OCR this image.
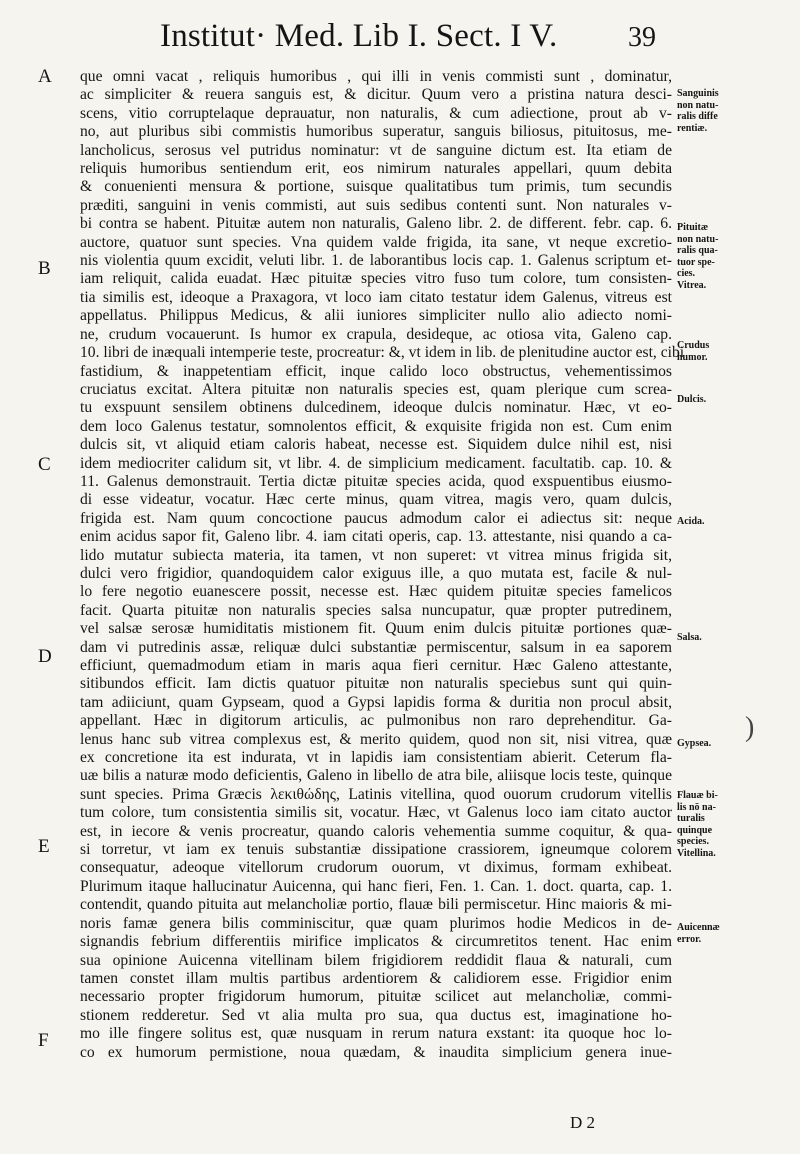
Institut· Med. Lib I. Sect. I V.	39
que omni vacat , reliquis humoribus , qui illi in venis commisti sunt , dominatur,
ac simpliciter & reuera sanguis est, & dicitur. Quum vero a pristina natura desci-
scens, vitio corruptelaque deprauatur, non naturalis, & cum adiectione, prout ab v-
no, aut pluribus sibi commistis humoribus superatur, sanguis biliosus, pituitosus, me-
lancholicus, serosus vel putridus nominatur: vt de sanguine dictum est. Ita etiam de
reliquis humoribus sentiendum erit, eos nimirum naturales appellari, quum debita
& conuenienti mensura & portione, suisque qualitatibus tum primis, tum secundis
præditi, sanguini in venis commisti, aut suis sedibus contenti sunt. Non naturales v-
bi contra se habent. Pituitæ autem non naturalis, Galeno libr. 2. de different. febr. cap. 6.
auctore, quatuor sunt species. Vna quidem valde frigida, ita sane, vt neque excretio-
nis violentia quum excidit, veluti libr. 1. de laborantibus locis cap. 1. Galenus scriptum et-
iam reliquit, calida euadat. Hæc pituitæ species vitro fuso tum colore, tum consisten-
tia similis est, ideoque a Praxagora, vt loco iam citato testatur idem Galenus, vitreus est
appellatus. Philippus Medicus, & alii iuniores simpliciter nullo alio adiecto nomi-
ne, crudum vocauerunt. Is humor ex crapula, desideque, ac otiosa vita, Galeno cap.
10. libri de inæquali intemperie teste, procreatur: &, vt idem in lib. de plenitudine auctor est, cibi
fastidium, & inappetentiam efficit, inque calido loco obstructus, vehementissimos
cruciatus excitat. Altera pituitæ non naturalis species est, quam plerique cum screa-
tu exspuunt sensilem obtinens dulcedinem, ideoque dulcis nominatur. Hæc, vt eo-
dem loco Galenus testatur, somnolentos efficit, & exquisite frigida non est. Cum enim
dulcis sit, vt aliquid etiam caloris habeat, necesse est. Siquidem dulce nihil est, nisi
idem mediocriter calidum sit, vt libr. 4. de simplicium medicament. facultatib. cap. 10. &
11. Galenus demonstrauit. Tertia dictæ pituitæ species acida, quod exspuentibus eiusmo-
di esse videatur, vocatur. Hæc certe minus, quam vitrea, magis vero, quam dulcis,
frigida est. Nam quum concoctione paucus admodum calor ei adiectus sit: neque
enim acidus sapor fit, Galeno libr. 4. iam citati operis, cap. 13. attestante, nisi quando a ca-
lido mutatur subiecta materia, ita tamen, vt non superet: vt vitrea minus frigida sit,
dulci vero frigidior, quandoquidem calor exiguus ille, a quo mutata est, facile & nul-
lo fere negotio euanescere possit, necesse est. Hæc quidem pituitæ species famelicos
facit. Quarta pituitæ non naturalis species salsa nuncupatur, quæ propter putredinem,
vel salsæ serosæ humiditatis mistionem fit. Quum enim dulcis pituitæ portiones quæ-
dam vi putredinis assæ, reliquæ dulci substantiæ permiscentur, salsum in ea saporem
efficiunt, quemadmodum etiam in maris aqua fieri cernitur. Hæc Galeno attestante,
sitibundos efficit. Iam dictis quatuor pituitæ non naturalis speciebus sunt qui quin-
tam adiiciunt, quam Gypseam, quod a Gypsi lapidis forma & duritia non procul absit,
appellant. Hæc in digitorum articulis, ac pulmonibus non raro deprehenditur. Ga-
lenus hanc sub vitrea complexus est, & merito quidem, quod non sit, nisi vitrea, quæ
ex concretione ita est indurata, vt in lapidis iam consistentiam abierit. Ceterum fla-
uæ bilis a naturæ modo deficientis, Galeno in libello de atra bile, aliisque locis teste, quinque
sunt species. Prima Græcis λεκιθώδης, Latinis vitellina, quod ouorum crudorum vitellis
tum colore, tum consistentia similis sit, vocatur. Hæc, vt Galenus loco iam citato auctor
est, in iecore & venis procreatur, quando caloris vehementia summe coquitur, & qua-
si torretur, vt iam ex tenuis substantiæ dissipatione crassiorem, igneumque colorem
consequatur, adeoque vitellorum crudorum ouorum, vt diximus, formam exhibeat.
Plurimum itaque hallucinatur Auicenna, qui hanc fieri, Fen. 1. Can. 1. doct. quarta, cap. 1.
contendit, quando pituita aut melancholiæ portio, flauæ bili permiscetur. Hinc maioris & mi-
noris famæ genera bilis comminiscitur, quæ quam plurimos hodie Medicos in de-
signandis febrium differentiis mirifice implicatos & circumretitos tenent. Hac enim
sua opinione Auicenna vitellinam bilem frigidiorem reddidit flaua & naturali, cum
tamen constet illam multis partibus ardentiorem & calidiorem esse. Frigidior enim
necessario propter frigidorum humorum, pituitæ scilicet aut melancholiæ, commi-
stionem redderetur. Sed vt alia multa pro sua, qua ductus est, imaginatione ho-
mo ille fingere solitus est, quæ nusquam in rerum natura exstant: ita quoque hoc lo-
co ex humorum permistione, noua quædam, & inaudita simplicium genera inue-
A
B
C
D
E
F
Sanguinis
non natu-
ralis diffe
rentiæ.
Pituitæ
non natu-
ralis qua-
tuor spe-
cies.
Vitrea.
Crudus
humor.
Dulcis.
Acida.
Salsa.
Gypsea.
Flauæ bi-
lis nō na-
turalis
quinque
species.
Vitellina.
Auicennæ
error.
)
D 2
